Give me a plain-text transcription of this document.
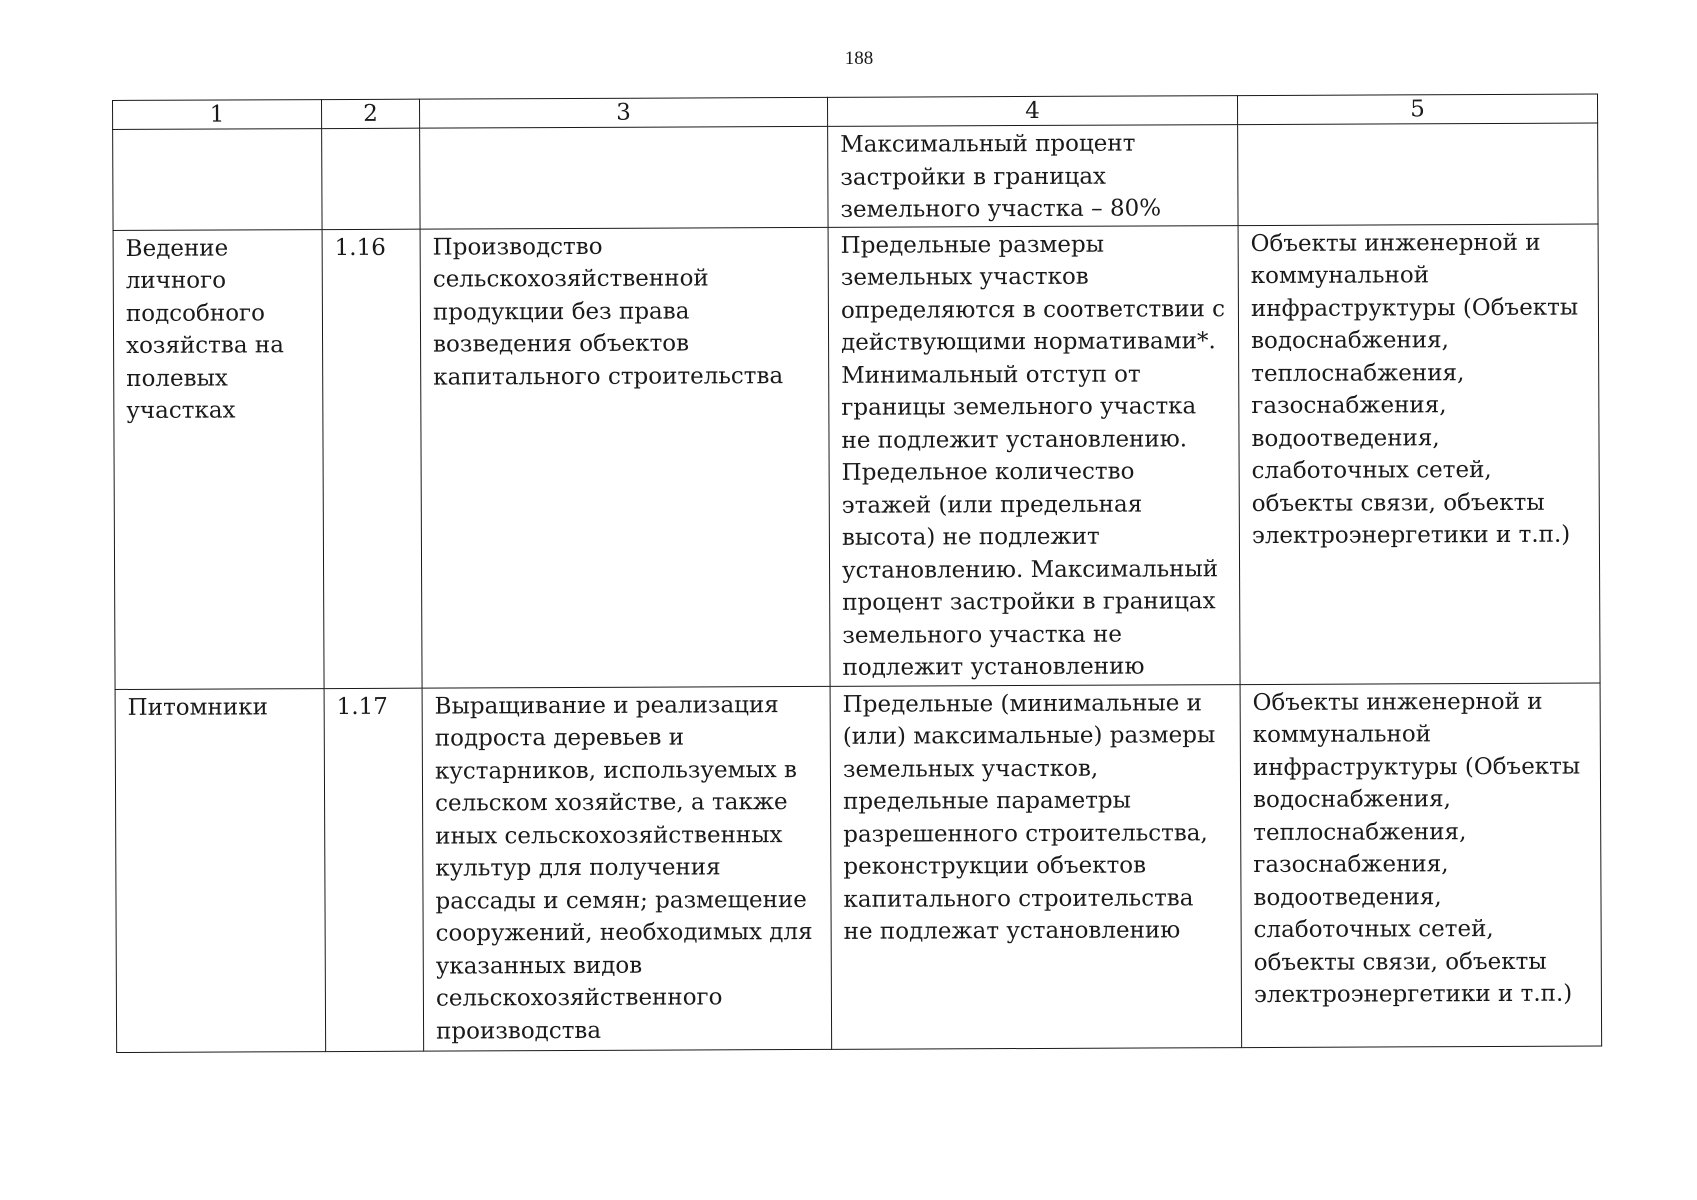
188
1	2	3	4	5
			Максимальный процент застройки в границах земельного участка – 80%	
Ведение личного подсобного хозяйства на полевых участках	1.16	Производство сельскохозяйственной продукции без права возведения объектов капитального строительства	Предельные размеры земельных участков определяются в соответствии с действующими нормативами*. Минимальный отступ от границы земельного участка не подлежит установлению. Предельное количество этажей (или предельная высота) не подлежит установлению. Максимальный процент застройки в границах земельного участка не подлежит установлению	Объекты инженерной и коммунальной инфраструктуры (Объекты водоснабжения, теплоснабжения, газоснабжения, водоотведения, слаботочных сетей, объекты связи, объекты электроэнергетики и т.п.)
Питомники	1.17	Выращивание и реализация подроста деревьев и кустарников, используемых в сельском хозяйстве, а также иных сельскохозяйственных культур для получения рассады и семян; размещение сооружений, необходимых для указанных видов сельскохозяйственного производства	Предельные (минимальные и (или) максимальные) размеры земельных участков, предельные параметры разрешенного строительства, реконструкции объектов капитального строительства не подлежат установлению	Объекты инженерной и коммунальной инфраструктуры (Объекты водоснабжения, теплоснабжения, газоснабжения, водоотведения, слаботочных сетей, объекты связи, объекты электроэнергетики и т.п.)
